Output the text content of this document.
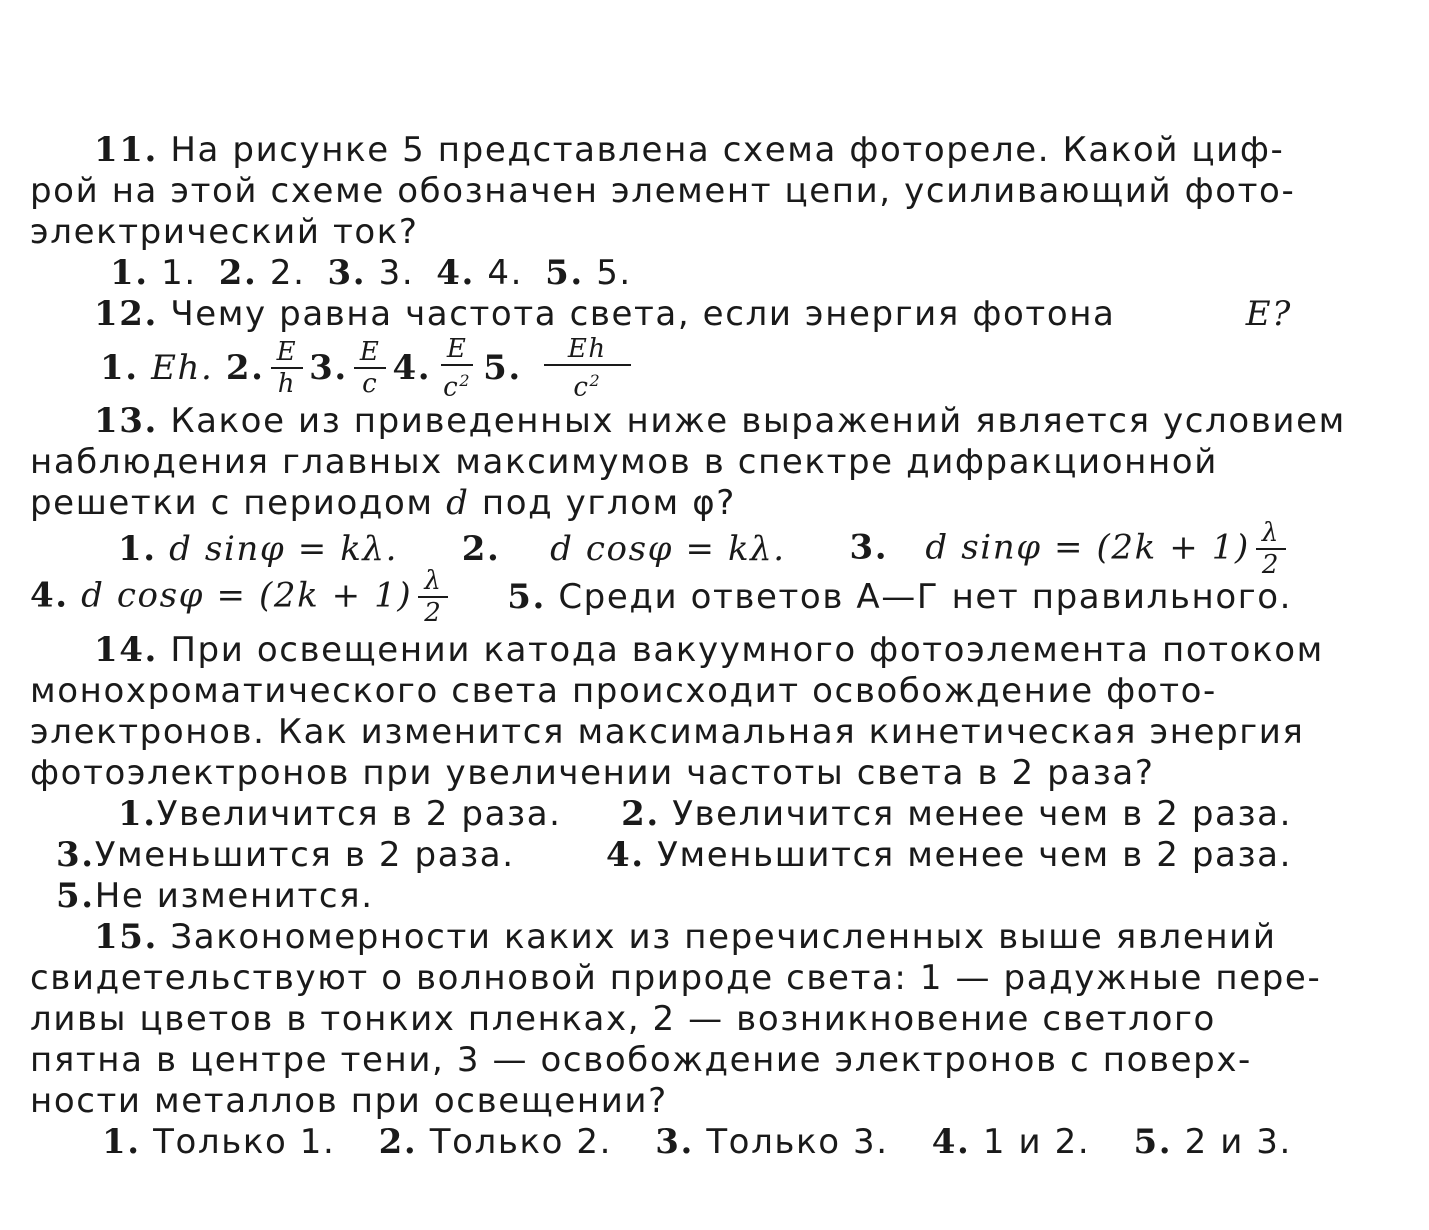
11. На рисунке 5 представлена схема фотореле. Какой циф-
рой на этой схеме обозначен элемент цепи, усиливающий фото-
электрический ток?
1. 1. 2. 2. 3. 3. 4. 4. 5. 5.
12. Чему равна частота света, если энергия фотона	E?
1.
Eh.
2. $\frac{E}{h} 3$. $\frac{E}{c} 4$. $\frac{E}{c^2} 5$. $\frac{Eh}{c^2}$
13. Какое из приведенных ниже выражений является условием
наблюдения главных максимумов в спектре дифракционной
решетки с периодом d под углом φ?
1. d sinφ = kλ. 2. d cosφ = kλ. 3. d $\sin\varphi = (2k + 1) \frac{\lambda}{2}$
4. d $\cos\varphi = (2k + 1) \frac{\lambda}{2} 5$. Среди ответов А—Г нет правильного.
14. При освещении катода вакуумного фотоэлемента потоком
монохроматического света происходит освобождение фото-
электронов. Как изменится максимальная кинетическая энергия
фотоэлектронов при увеличении частоты света в 2 раза?
1.Увеличится в 2 раза. 2. Увеличится менее чем в 2 раза.
3.Уменьшится в 2 раза.	4. Уменьшится менее чем в 2 раза.
5.Не изменится.
15. Закономерности каких из перечисленных выше явлений
свидетельствуют о волновой природе света: 1 — радужные пере-
ливы цветов в тонких пленках, 2 — возникновение светлого
пятна в центре тени, 3 — освобождение электронов с поверх-
ности металлов при освещении?
1. Только 1. 2. Только 2. 3. Только 3. 4. 1 и 2. 5. 2 и 3.
